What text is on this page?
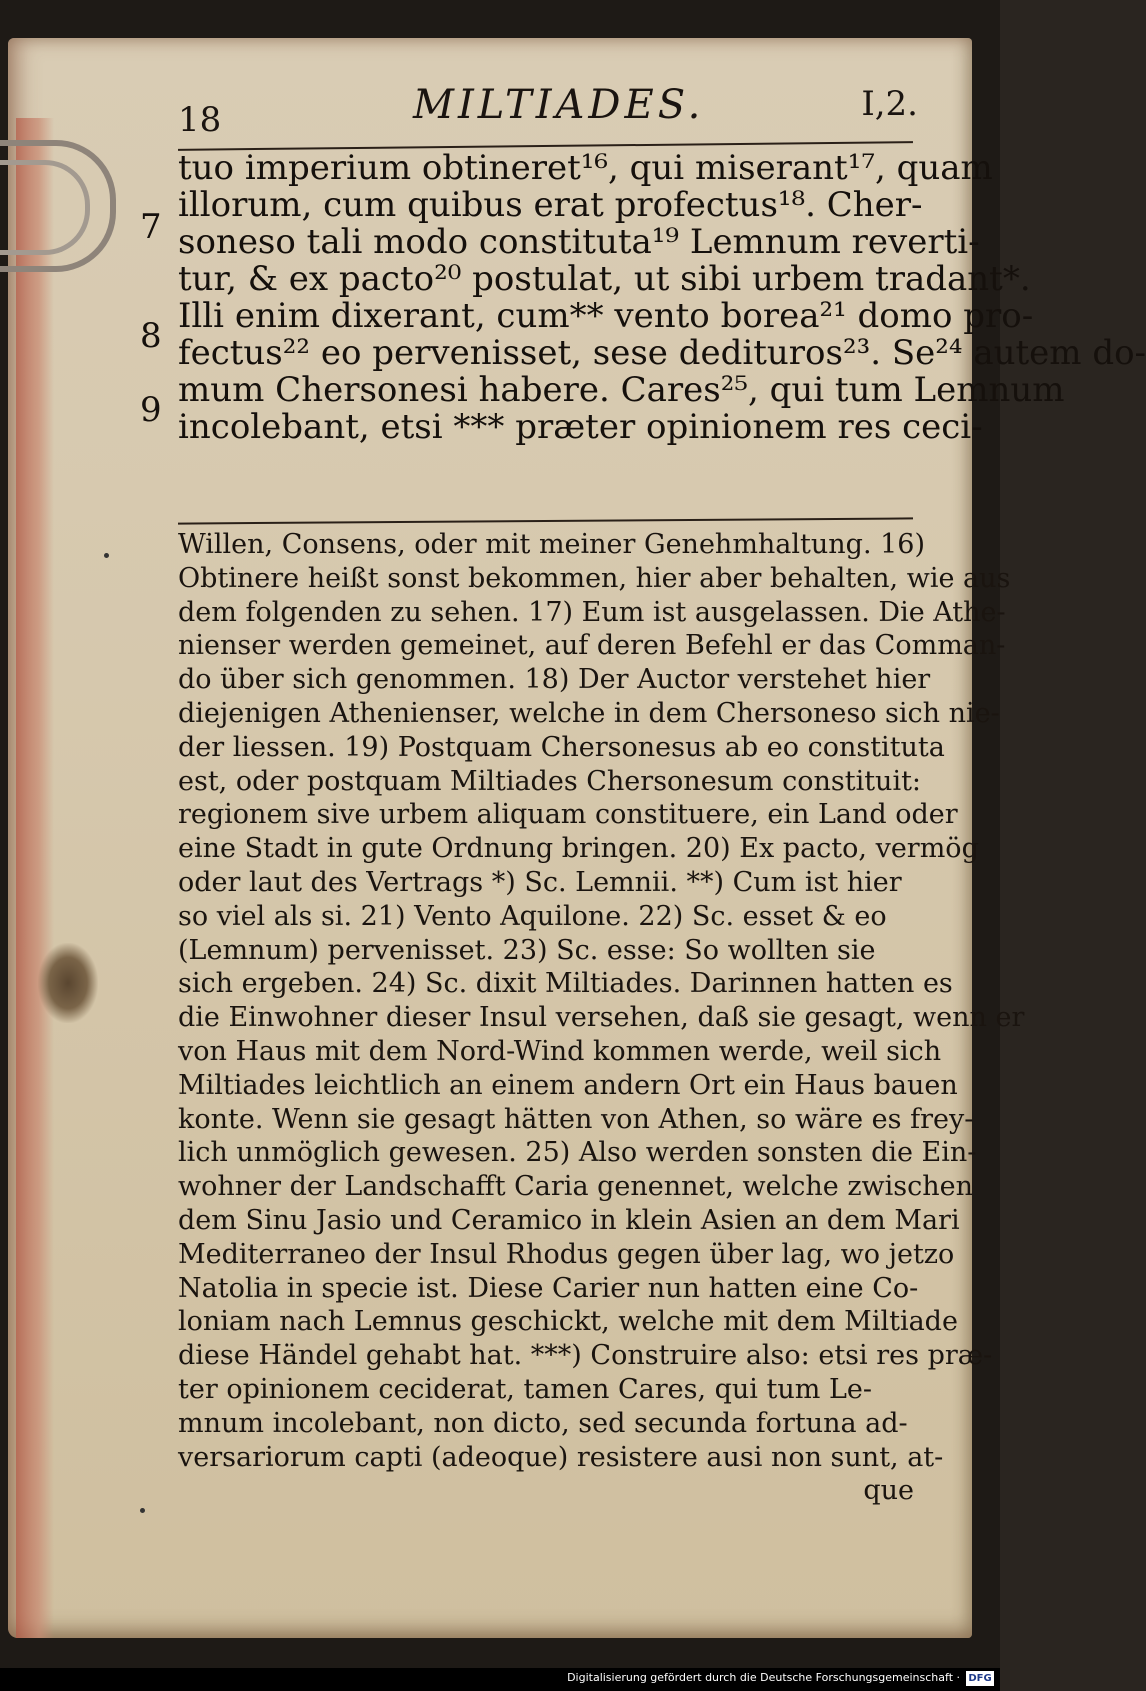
18	MILTIADES.	I,2.
7
8
9
tuo imperium obtineret¹⁶, qui miserant¹⁷, quam
illorum, cum quibus erat profectus¹⁸. Cher-
soneso tali modo constituta¹⁹ Lemnum reverti-
tur, & ex pacto²⁰ postulat, ut sibi urbem tradant*.
Illi enim dixerant, cum** vento borea²¹ domo pro-
fectus²² eo pervenisset, sese dedituros²³. Se²⁴ autem do-
mum Chersonesi habere. Cares²⁵, qui tum Lemnum
incolebant, etsi *** præter opinionem res ceci-
Willen, Consens, oder mit meiner Genehmhaltung. 16)
Obtinere heißt sonst bekommen, hier aber behalten, wie aus
dem folgenden zu sehen. 17) Eum ist ausgelassen. Die Athe-
nienser werden gemeinet, auf deren Befehl er das Comman-
do über sich genommen. 18) Der Auctor verstehet hier
diejenigen Athenienser, welche in dem Chersoneso sich nie-
der liessen. 19) Postquam Chersonesus ab eo constituta
est, oder postquam Miltiades Chersonesum constituit:
regionem sive urbem aliquam constituere, ein Land oder
eine Stadt in gute Ordnung bringen. 20) Ex pacto, vermög
oder laut des Vertrags *) Sc. Lemnii. **) Cum ist hier
so viel als si. 21) Vento Aquilone. 22) Sc. esset & eo
(Lemnum) pervenisset. 23) Sc. esse: So wollten sie
sich ergeben. 24) Sc. dixit Miltiades. Darinnen hatten es
die Einwohner dieser Insul versehen, daß sie gesagt, wenn er
von Haus mit dem Nord-Wind kommen werde, weil sich
Miltiades leichtlich an einem andern Ort ein Haus bauen
konte. Wenn sie gesagt hätten von Athen, so wäre es frey-
lich unmöglich gewesen. 25) Also werden sonsten die Ein-
wohner der Landschafft Caria genennet, welche zwischen
dem Sinu Jasio und Ceramico in klein Asien an dem Mari
Mediterraneo der Insul Rhodus gegen über lag, wo jetzo
Natolia in specie ist. Diese Carier nun hatten eine Co-
loniam nach Lemnus geschickt, welche mit dem Miltiade
diese Händel gehabt hat. ***) Construire also: etsi res præ-
ter opinionem ceciderat, tamen Cares, qui tum Le-
mnum incolebant, non dicto, sed secunda fortuna ad-
versariorum capti (adeoque) resistere ausi non sunt, at-
que
Digitalisierung gefördert durch die Deutsche Forschungsgemeinschaft · DFG
